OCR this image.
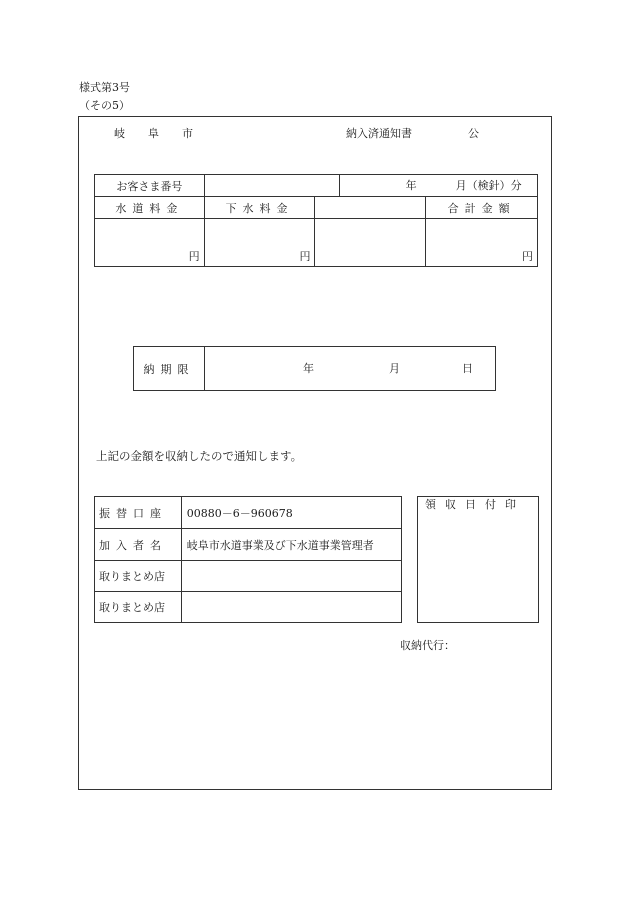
様式第3号
（その5）
岐　阜　市	納入済通知書	公
お客さま番号	年 月（検針）分		

水道料金	下水料金		合計金額
円	円		円
納期限	年	月	日
上記の金額を収納したので通知します。
振替口座	00880－6－960678
加入者名	岐阜市水道事業及び下水道事業管理者
取りまとめ店	
取りまとめ店	
領収日付印
収納代行：
